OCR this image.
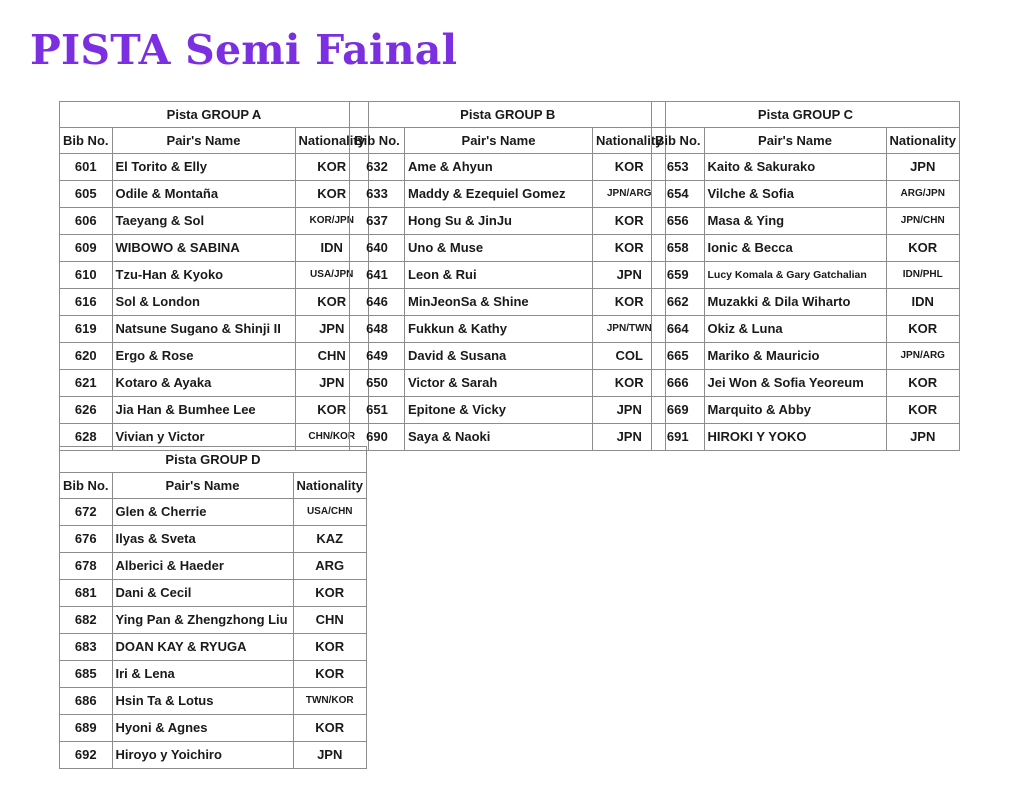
PISTA Semi Fainal
Pista GROUP A		
Bib No.	Pair's Name	Nationality
601	El Torito & Elly	KOR
605	Odile & Montaña	KOR
606	Taeyang & Sol	KOR/JPN
609	WIBOWO & SABINA	IDN
610	Tzu-Han & Kyoko	USA/JPN
616	Sol & London	KOR
619	Natsune Sugano & Shinji II	JPN
620	Ergo & Rose	CHN
621	Kotaro & Ayaka	JPN
626	Jia Han & Bumhee Lee	KOR
628	Vivian y Victor	CHN/KOR
Pista GROUP B		
Bib No.	Pair's Name	Nationality
632	Ame & Ahyun	KOR
633	Maddy & Ezequiel Gomez	JPN/ARG
637	Hong Su & JinJu	KOR
640	Uno & Muse	KOR
641	Leon & Rui	JPN
646	MinJeonSa & Shine	KOR
648	Fukkun & Kathy	JPN/TWN
649	David & Susana	COL
650	Victor & Sarah	KOR
651	Epitone & Vicky	JPN
690	Saya & Naoki	JPN
Pista GROUP C		
Bib No.	Pair's Name	Nationality
653	Kaito & Sakurako	JPN
654	Vilche & Sofia	ARG/JPN
656	Masa & Ying	JPN/CHN
658	Ionic & Becca	KOR
659	Lucy Komala & Gary Gatchalian	IDN/PHL
662	Muzakki & Dila Wiharto	IDN
664	Okiz & Luna	KOR
665	Mariko & Mauricio	JPN/ARG
666	Jei Won & Sofia Yeoreum	KOR
669	Marquito & Abby	KOR
691	HIROKI Y YOKO	JPN
Pista GROUP D		
Bib No.	Pair's Name	Nationality
672	Glen & Cherrie	USA/CHN
676	Ilyas & Sveta	KAZ
678	Alberici & Haeder	ARG
681	Dani & Cecil	KOR
682	Ying Pan & Zhengzhong Liu	CHN
683	DOAN KAY & RYUGA	KOR
685	Iri & Lena	KOR
686	Hsin Ta & Lotus	TWN/KOR
689	Hyoni & Agnes	KOR
692	Hiroyo y Yoichiro	JPN
